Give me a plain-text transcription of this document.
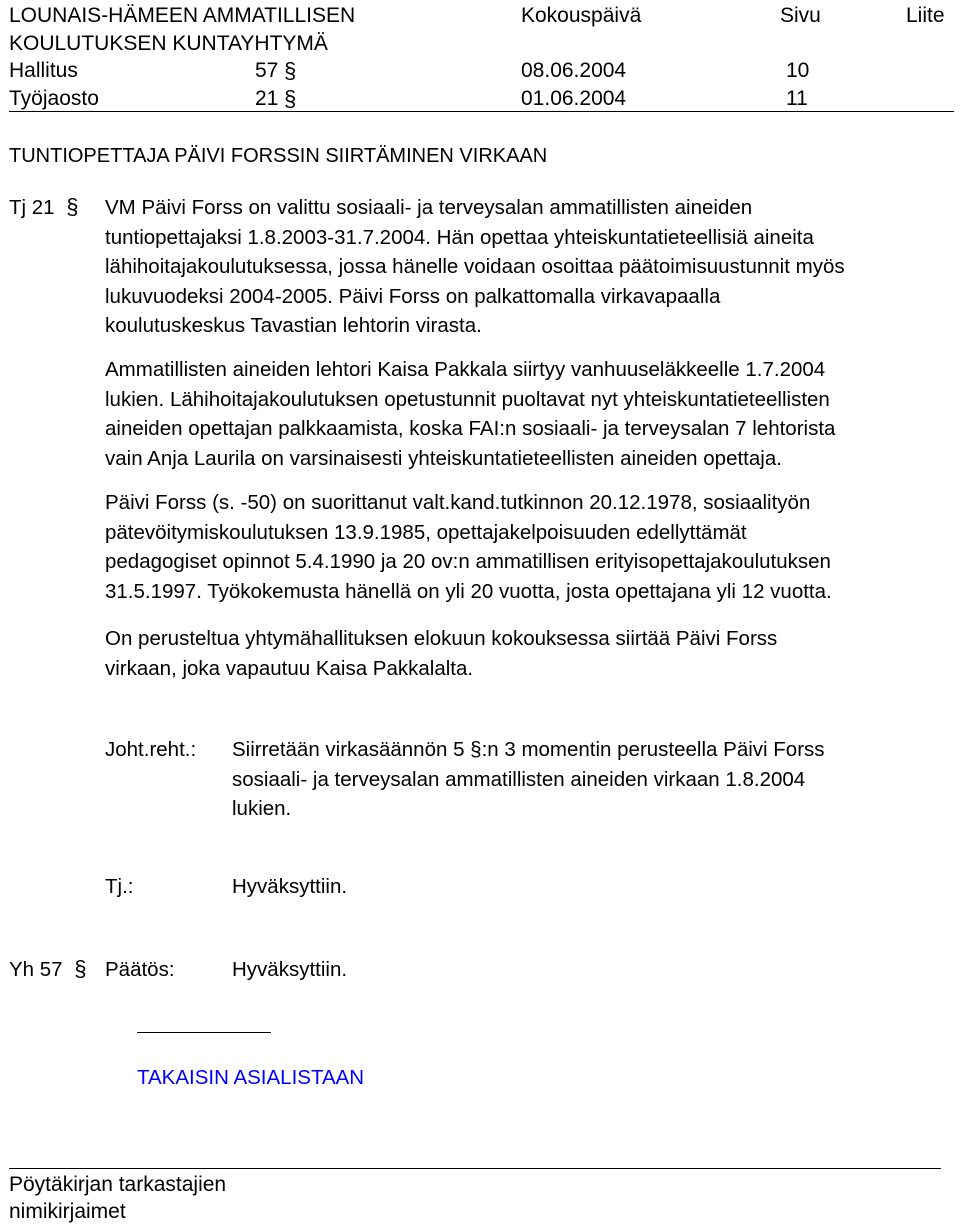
LOUNAIS-HÄMEEN AMMATILLISEN	Kokouspäivä	Sivu	Liite
KOULUTUKSEN KUNTAYHTYMÄ
Hallitus	57 §	08.06.2004	10
Työjaosto	21 §	01.06.2004	11
TUNTIOPETTAJA PÄIVI FORSSIN SIIRTÄMINEN VIRKAAN
Tj 21 § VM Päivi Forss on valittu sosiaali- ja terveysalan ammatillisten aineiden
tuntiopettajaksi 1.8.2003-31.7.2004. Hän opettaa yhteiskuntatieteellisiä aineita
lähihoitajakoulutuksessa, jossa hänelle voidaan osoittaa päätoimisuustunnit myös
lukuvuodeksi 2004-2005. Päivi Forss on palkattomalla virkavapaalla
koulutuskeskus Tavastian lehtorin virasta.
Ammatillisten aineiden lehtori Kaisa Pakkala siirtyy vanhuuseläkkeelle 1.7.2004
lukien. Lähihoitajakoulutuksen opetustunnit puoltavat nyt yhteiskuntatieteellisten
aineiden opettajan palkkaamista, koska FAI:n sosiaali- ja terveysalan 7 lehtorista
vain Anja Laurila on varsinaisesti yhteiskuntatieteellisten aineiden opettaja.
Päivi Forss (s. -50) on suorittanut valt.kand.tutkinnon 20.12.1978, sosiaalityön
pätevöitymiskoulutuksen 13.9.1985, opettajakelpoisuuden edellyttämät
pedagogiset opinnot 5.4.1990 ja 20 ov:n ammatillisen erityisopettajakoulutuksen
31.5.1997. Työkokemusta hänellä on yli 20 vuotta, josta opettajana yli 12 vuotta.
On perusteltua yhtymähallituksen elokuun kokouksessa siirtää Päivi Forss
virkaan, joka vapautuu Kaisa Pakkalalta.
Joht.reht.: Siirretään virkasäännön 5 §:n 3 momentin perusteella Päivi Forss
sosiaali- ja terveysalan ammatillisten aineiden virkaan 1.8.2004
lukien.
Tj.:	Hyväksyttiin.
Yh 57 § Päätös:	Hyväksyttiin.
TAKAISIN ASIALISTAAN
Pöytäkirjan tarkastajien
nimikirjaimet
